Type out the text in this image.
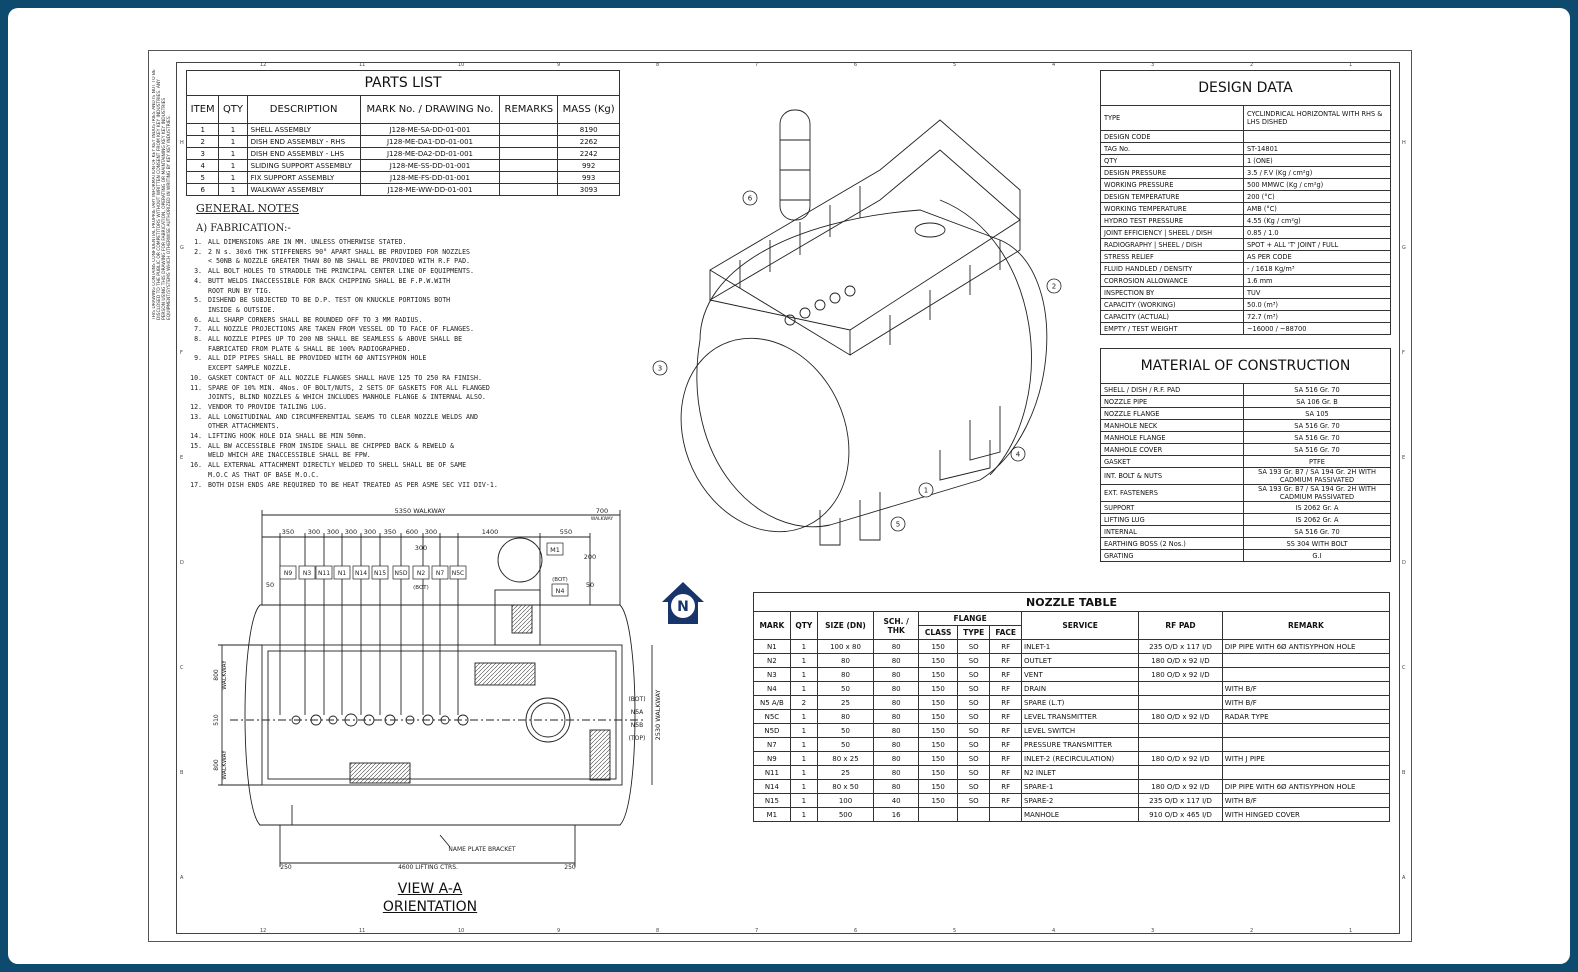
THIS DRAWING CONTAINS CONFIDENTIAL PROPRIETARY INFORMATION OF KEY KEY INDUSTRIES AND IS NOT TO BE DISCLOSED TO THE PUBLIC OR COMPETITORS WITHOUT WRITTEN CONSENT FROM KEY KEY INDUSTRIES. ANY PERSON USING THIS DRAWING FOR FABRICATION, OPERATING OR MAINTAINING KEY KEY INDUSTRIES EQUIPMENT/SYSTEMS WHICH OTHERWISE AUTHORIZED IN WRITING BY KEY KEY INDUSTRIES.
12	11	10	9	8	7	6	5	4	3	2	1
12	11	10	9	8	7	6	5	4	3	2	1
H
G
F
E
D
C
B
A
H
G
F
E
D
C
B
A
PARTS LIST					
ITEM	QTY	DESCRIPTION	MARK No. / DRAWING No.	REMARKS	MASS (Kg)
1	1	SHELL ASSEMBLY	J128-ME-SA-DD-01-001		8190
2	1	DISH END ASSEMBLY - RHS	J128-ME-DA1-DD-01-001		2262
3	1	DISH END ASSEMBLY - LHS	J128-ME-DA2-DD-01-001		2242
4	1	SLIDING SUPPORT ASSEMBLY	J128-ME-SS-DD-01-001		992
5	1	FIX SUPPORT ASSEMBLY	J128-ME-FS-DD-01-001		993
6	1	WALKWAY ASSEMBLY	J128-ME-WW-DD-01-001		3093
GENERAL NOTES
A) FABRICATION:-
1. ALL DIMENSIONS ARE IN MM. UNLESS OTHERWISE STATED.
2. 2 N s. 30x6 THK STIFFENERS 90° APART SHALL BE PROVIDED FOR NOZZLES
< 50NB & NOZZLE GREATER THAN 80 NB SHALL BE PROVIDED WITH R.F PAD.
3. ALL BOLT HOLES TO STRADDLE THE PRINCIPAL CENTER LINE OF EQUIPMENTS.
4. BUTT WELDS INACCESSIBLE FOR BACK CHIPPING SHALL BE F.P.W.WITH
ROOT RUN BY TIG.
5. DISHEND BE SUBJECTED TO BE D.P. TEST ON KNUCKLE PORTIONS BOTH
INSIDE & OUTSIDE.
6. ALL SHARP CORNERS SHALL BE ROUNDED OFF TO 3 MM RADIUS.
7. ALL NOZZLE PROJECTIONS ARE TAKEN FROM VESSEL OD TO FACE OF FLANGES.
8. ALL NOZZLE PIPES UP TO 200 NB SHALL BE SEAMLESS & ABOVE SHALL BE
FABRICATED FROM PLATE & SHALL BE 100% RADIOGRAPHED.
9. ALL DIP PIPES SHALL BE PROVIDED WITH 6Ø ANTISYPHON HOLE
EXCEPT SAMPLE NOZZLE.
10. GASKET CONTACT OF ALL NOZZLE FLANGES SHALL HAVE 125 TO 250 RA FINISH.
11. SPARE OF 10% MIN. 4Nos. OF BOLT/NUTS, 2 SETS OF GASKETS FOR ALL FLANGED
JOINTS, BLIND NOZZLES & WHICH INCLUDES MANHOLE FLANGE & INTERNAL ALSO.
12. VENDOR TO PROVIDE TAILING LUG.
13. ALL LONGITUDINAL AND CIRCUMFERENTIAL SEAMS TO CLEAR NOZZLE WELDS AND
OTHER ATTACHMENTS.
14. LIFTING HOOK HOLE DIA SHALL BE MIN 50mm.
15. ALL BW ACCESSIBLE FROM INSIDE SHALL BE CHIPPED BACK & REWELD &
WELD WHICH ARE INACCESSIBLE SHALL BE FPW.
16. ALL EXTERNAL ATTACHMENT DIRECTLY WELDED TO SHELL SHALL BE OF SAME
M.O.C AS THAT OF BASE M.O.C.
17. BOTH DISH ENDS ARE REQUIRED TO BE HEAT TREATED AS PER ASME SEC VII DIV-1.
DESIGN DATA	
TYPE	CYCLINDRICAL HORIZONTAL WITH RHS & LHS DISHED
DESIGN CODE	
TAG No.	ST-14801
QTY	1 (ONE)
DESIGN PRESSURE	3.5 / F.V (Kg / cm²g)
WORKING PRESSURE	500 MMWC (Kg / cm²g)
DESIGN TEMPERATURE	200 (°C)
WORKING TEMPERATURE	AMB (°C)
HYDRO TEST PRESSURE	4.55 (Kg / cm²g)
JOINT EFFICIENCY | SHEEL / DISH	0.85 / 1.0
RADIOGRAPHY | SHEEL / DISH	SPOT + ALL 'T' JOINT / FULL
STRESS RELIEF	AS PER CODE
FLUID HANDLED / DENSITY	- / 1618 Kg/m³
CORROSION ALLOWANCE	1.6 mm
INSPECTION BY	TUV
CAPACITY (WORKING)	50.0 (m³)
CAPACITY (ACTUAL)	72.7 (m³)
EMPTY / TEST WEIGHT	~16000 / ~88700
MATERIAL OF CONSTRUCTION	
SHELL / DISH / R.F. PAD	SA 516 Gr. 70
NOZZLE PIPE	SA 106 Gr. B
NOZZLE FLANGE	SA 105
MANHOLE NECK	SA 516 Gr. 70
MANHOLE FLANGE	SA 516 Gr. 70
MANHOLE COVER	SA 516 Gr. 70
GASKET	PTFE
INT. BOLT & NUTS	SA 193 Gr. B7 / SA 194 Gr. 2H WITH CADMIUM PASSIVATED
EXT. FASTENERS	SA 193 Gr. B7 / SA 194 Gr. 2H WITH CADMIUM PASSIVATED
SUPPORT	IS 2062 Gr. A
LIFTING LUG	IS 2062 Gr. A
INTERNAL	SA 516 Gr. 70
EARTHING BOSS (2 Nos.)	SS 304 WITH BOLT
GRATING	G.I
NOZZLE TABLE									
MARK	QTY	SIZE (DN)	SCH. / THK	FLANGE			SERVICE	RF PAD	REMARK
				CLASS	TYPE	FACE			
N1	1	100 x 80	80	150	SO	RF	INLET-1	235 O/D x 117 I/D	DIP PIPE WITH 6Ø ANTISYPHON HOLE
N2	1	80	80	150	SO	RF	OUTLET	180 O/D x 92 I/D	
N3	1	80	80	150	SO	RF	VENT	180 O/D x 92 I/D	
N4	1	50	80	150	SO	RF	DRAIN		WITH B/F
N5 A/B	2	25	80	150	SO	RF	SPARE (L.T)		WITH B/F
N5C	1	80	80	150	SO	RF	LEVEL TRANSMITTER	180 O/D x 92 I/D	RADAR TYPE
N5D	1	50	80	150	SO	RF	LEVEL SWITCH		
N7	1	50	80	150	SO	RF	PRESSURE TRANSMITTER		
N9	1	80 x 25	80	150	SO	RF	INLET-2 (RECIRCULATION)	180 O/D x 92 I/D	WITH J PIPE
N11	1	25	80	150	SO	RF	N2 INLET		
N14	1	80 x 50	80	150	SO	RF	SPARE-1	180 O/D x 92 I/D	DIP PIPE WITH 6Ø ANTISYPHON HOLE
N15	1	100	40	150	SO	RF	SPARE-2	235 O/D x 117 I/D	WITH B/F
M1	1	500	16				MANHOLE	910 O/D x 465 I/D	WITH HINGED COVER
6
2
3
4
1
5
N
5350 WALKWAY	700
WALKWAY
350 300 300 300 300 350 600 300	1400	550
300
200
50	50
N9 N3 N11 N1 N14 N15 N5D N2 N7 N5C
(BOT)
M1
N4
(BOT)
800 WALKWAY
510
800 WALKWAY
2530 WALKWAY
(BOT)
N5A
N5B
(TOP)
NAME PLATE BRACKET
4600 LIFTING CTRS.
250	250
VIEW A-A
ORIENTATION
